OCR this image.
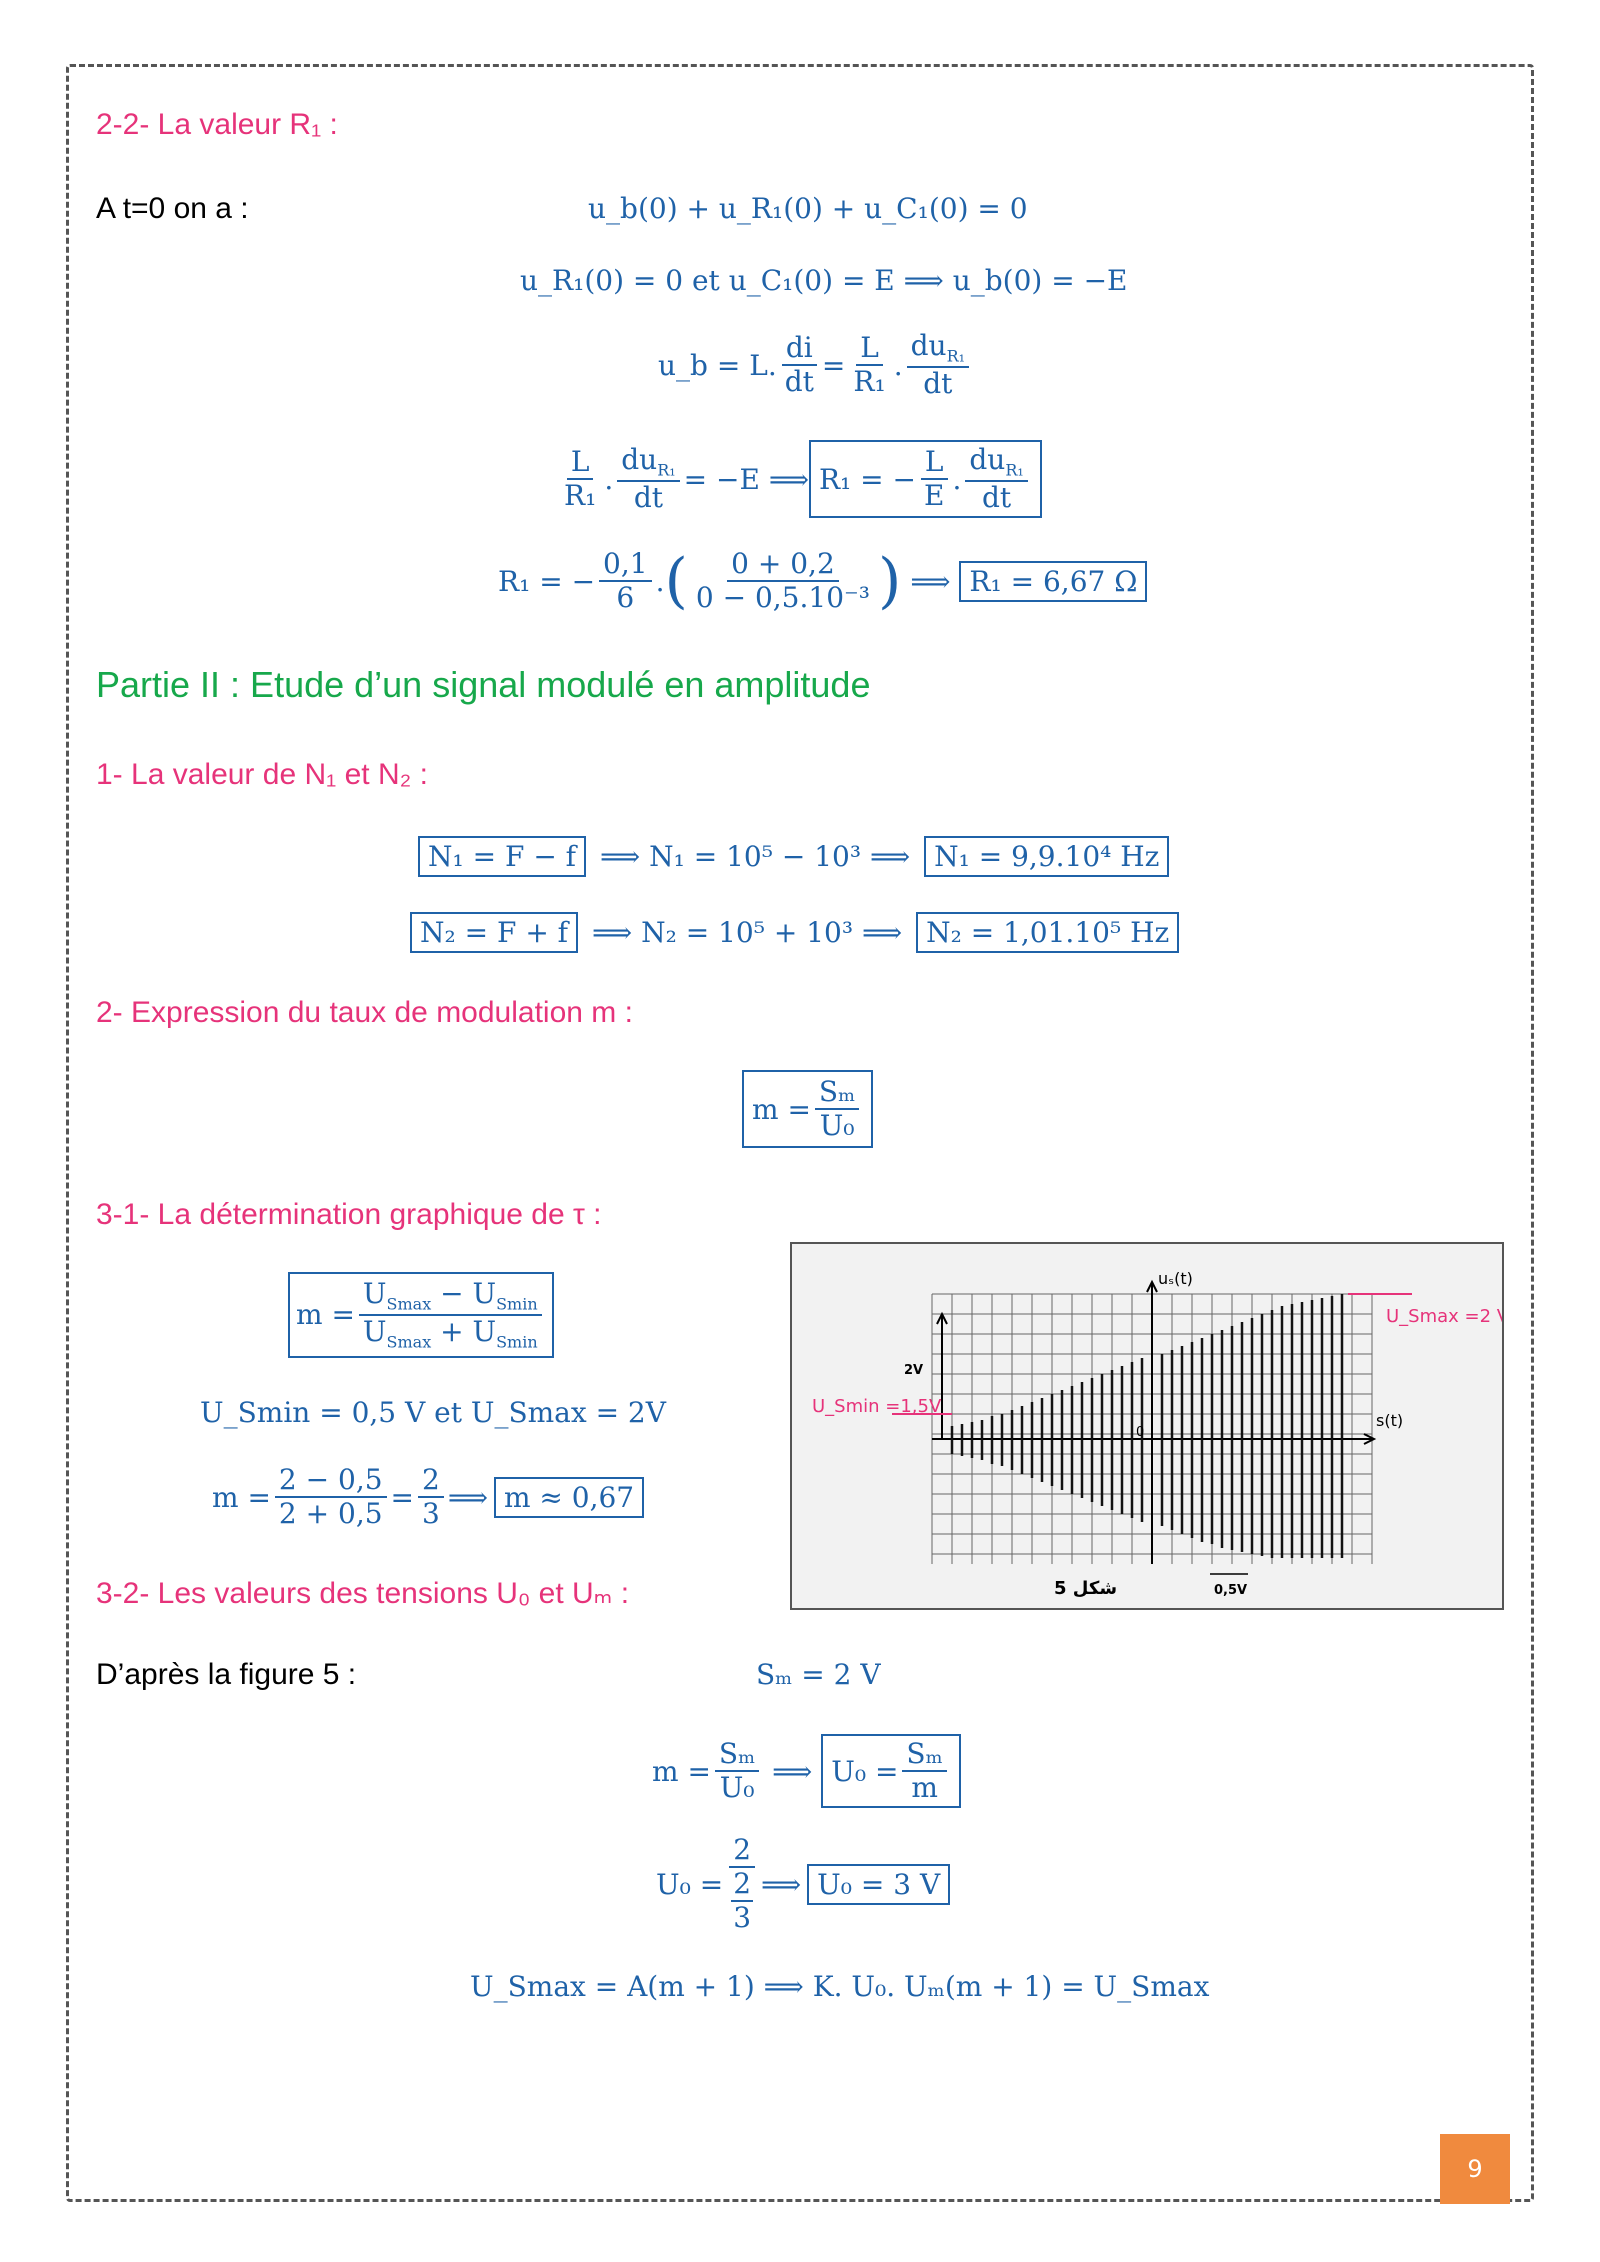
2-2- La valeur R₁ :
A t=0 on a :	u_b(0) + u_R₁(0) + u_C₁(0) = 0
u_R₁(0) = 0 et u_C₁(0) = E ⟹ u_b(0) = −E
u_b = L. $\frac{di}{dt} = \frac{L}{\text{R₁}}$ . $\frac{du_{R_1}}{dt}$
$\frac{L}{\text{R₁}}$ . $\frac{du_{R_1}}{dt} = -E$ ⟹ R₁ = − $\frac{L}{E}$ . $\frac{du_{R_1}}{dt}$
R₁ = − $\frac{0,1}{6}$ . ( $\frac{0 + 0,2}{\text{0 − 0,5.10⁻³}}$ ) ⟹ R₁ = 6,67 Ω
Partie II : Etude d’un signal modulé en amplitude
1- La valeur de N₁ et N₂ :
N₁ = F − f ⟹ N₁ = 10⁵ − 10³ ⟹ N₁ = 9,9.10⁴ Hz
N₂ = F + f ⟹ N₂ = 10⁵ + 10³ ⟹ N₂ = 1,01.10⁵ Hz
2- Expression du taux de modulation m :
$m = \frac{\text{Sₘ}}{\text{U₀}}$
3-1- La détermination graphique de τ :
$m = \frac{U_{Smax} - U_{Smin}}{U_{Smax} + U_{Smin}}$
U_Smin = 0,5 V et U_Smax = 2V
$m = \frac{2 - 0,5}{2 + 0,5} = \frac{2}{3}$ ⟹ m ≈ 0,67
3-2- Les valeurs des tensions U₀ et Uₘ :
D’après la figure 5 :	Sₘ = 2 V
$m = \frac{\text{Sₘ}}{\text{U₀}}$ ⟹ $U_0 = \frac{\text{Sₘ}}{m}$
U₀ = 2
2
3 ⟹ U₀ = 3 V
U_Smax = A(m + 1) ⟹ K. U₀. Uₘ(m + 1) = U_Smax
uₛ(t)
s(t)
U_Smax =2 V
U_Smin =1,5V
2V
0
شكل 5	0,5V
9
